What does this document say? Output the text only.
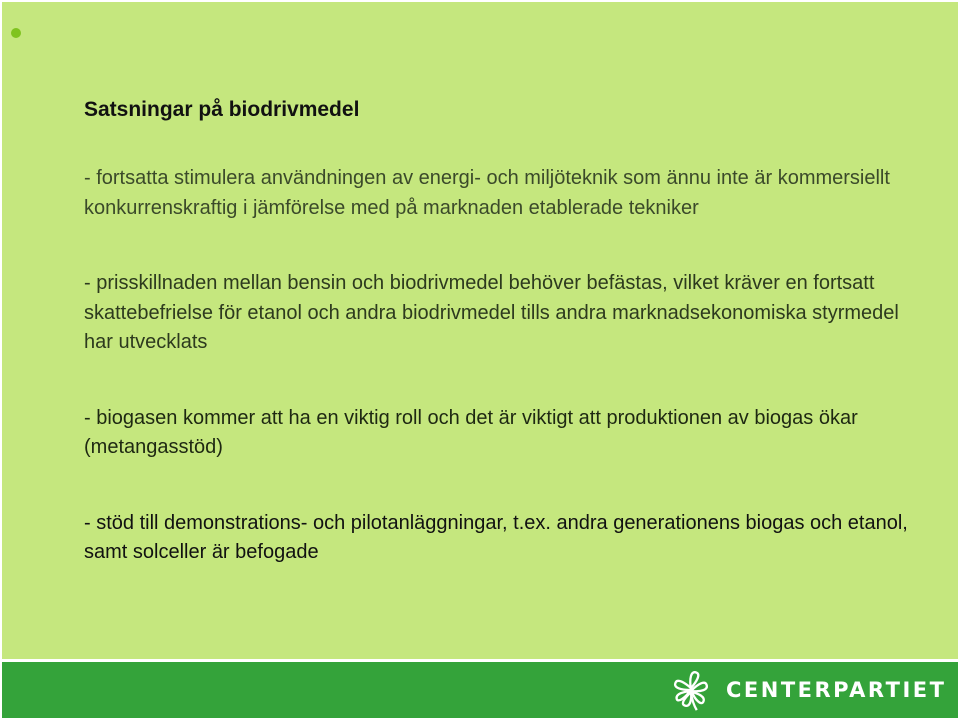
Satsningar på biodrivmedel

- fortsatta stimulera användningen av energi- och miljöteknik som ännu inte är kommersiellt konkurrenskraftig i jämförelse med på marknaden etablerade tekniker

- prisskillnaden mellan bensin och biodrivmedel behöver befästas, vilket kräver en fortsatt skattebefrielse för etanol och andra biodrivmedel tills andra marknadsekonomiska styrmedel har utvecklats

- biogasen kommer att ha en viktig roll och det är viktigt att produktionen av biogas ökar (metangasstöd)

- stöd till demonstrations- och pilotanläggningar, t.ex. andra generationens biogas och etanol, samt solceller är befogade

CENTERPARTIET
